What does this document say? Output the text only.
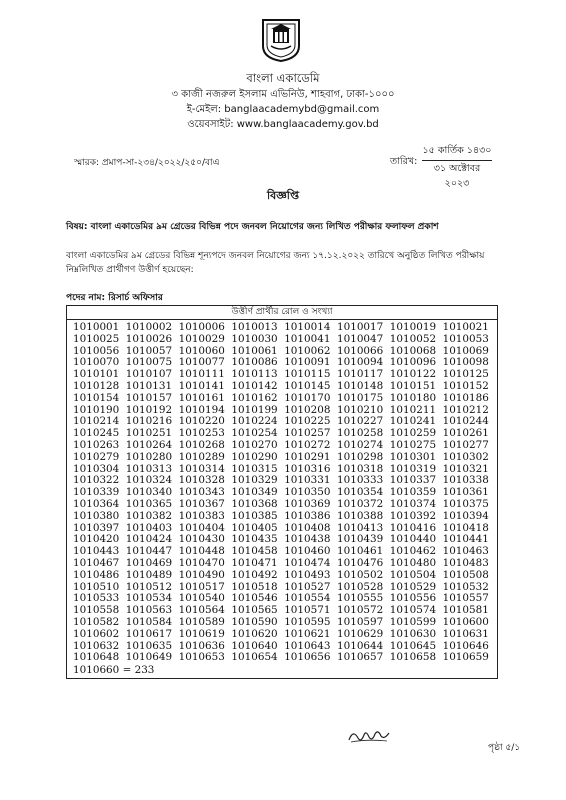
বাংলা একাডেমি
৩ কাজী নজরুল ইসলাম এভিনিউ, শাহবাগ, ঢাকা-১০০০
ই-মেইল: banglaacademybd@gmail.com
ওয়েবসাইট: www.banglaacademy.gov.bd
স্মারক: প্রমাপ-সা-২৩৪/২০২২/২৫০/বাএ	তারিখ:
১৫ কার্তিক ১৪৩০
৩১ অক্টোবর ২০২৩
বিজ্ঞপ্তি
বিষয়: বাংলা একাডেমির ৯ম গ্রেডের বিভিন্ন পদে জনবল নিয়োগের জন্য লিখিত পরীক্ষার ফলাফল প্রকাশ
বাংলা একাডেমির ৯ম গ্রেডের বিভিন্ন শূন্যপদে জনবল নিয়োগের জন্য ১৭.১২.২০২২ তারিখে অনুষ্ঠিত লিখিত পরীক্ষায় নিম্নলিখিত প্রার্থীগণ উত্তীর্ণ হয়েছেন:
পদের নাম: রিসার্চ অফিসার
উত্তীর্ণ প্রার্থীর রোল ও সংখ্যা
1010001 1010002 1010006 1010013 1010014 1010017 1010019 1010021
1010025 1010026 1010029 1010030 1010041 1010047 1010052 1010053
1010056 1010057 1010060 1010061 1010062 1010066 1010068 1010069
1010070 1010075 1010077 1010086 1010091 1010094 1010096 1010098
1010101 1010107 1010111 1010113 1010115 1010117 1010122 1010125
1010128 1010131 1010141 1010142 1010145 1010148 1010151 1010152
1010154 1010157 1010161 1010162 1010170 1010175 1010180 1010186
1010190 1010192 1010194 1010199 1010208 1010210 1010211 1010212
1010214 1010216 1010220 1010224 1010225 1010227 1010241 1010244
1010245 1010251 1010253 1010254 1010257 1010258 1010259 1010261
1010263 1010264 1010268 1010270 1010272 1010274 1010275 1010277
1010279 1010280 1010289 1010290 1010291 1010298 1010301 1010302
1010304 1010313 1010314 1010315 1010316 1010318 1010319 1010321
1010322 1010324 1010328 1010329 1010331 1010333 1010337 1010338
1010339 1010340 1010343 1010349 1010350 1010354 1010359 1010361
1010364 1010365 1010367 1010368 1010369 1010372 1010374 1010375
1010380 1010382 1010383 1010385 1010386 1010388 1010392 1010394
1010397 1010403 1010404 1010405 1010408 1010413 1010416 1010418
1010420 1010424 1010430 1010435 1010438 1010439 1010440 1010441
1010443 1010447 1010448 1010458 1010460 1010461 1010462 1010463
1010467 1010469 1010470 1010471 1010474 1010476 1010480 1010483
1010486 1010489 1010490 1010492 1010493 1010502 1010504 1010508
1010510 1010512 1010517 1010518 1010527 1010528 1010529 1010532
1010533 1010534 1010540 1010546 1010554 1010555 1010556 1010557
1010558 1010563 1010564 1010565 1010571 1010572 1010574 1010581
1010582 1010584 1010589 1010590 1010595 1010597 1010599 1010600
1010602 1010617 1010619 1010620 1010621 1010629 1010630 1010631
1010632 1010635 1010636 1010640 1010643 1010644 1010645 1010646
1010648 1010649 1010653 1010654 1010656 1010657 1010658 1010659
1010660 = 233
পৃষ্ঠা ৫/১
